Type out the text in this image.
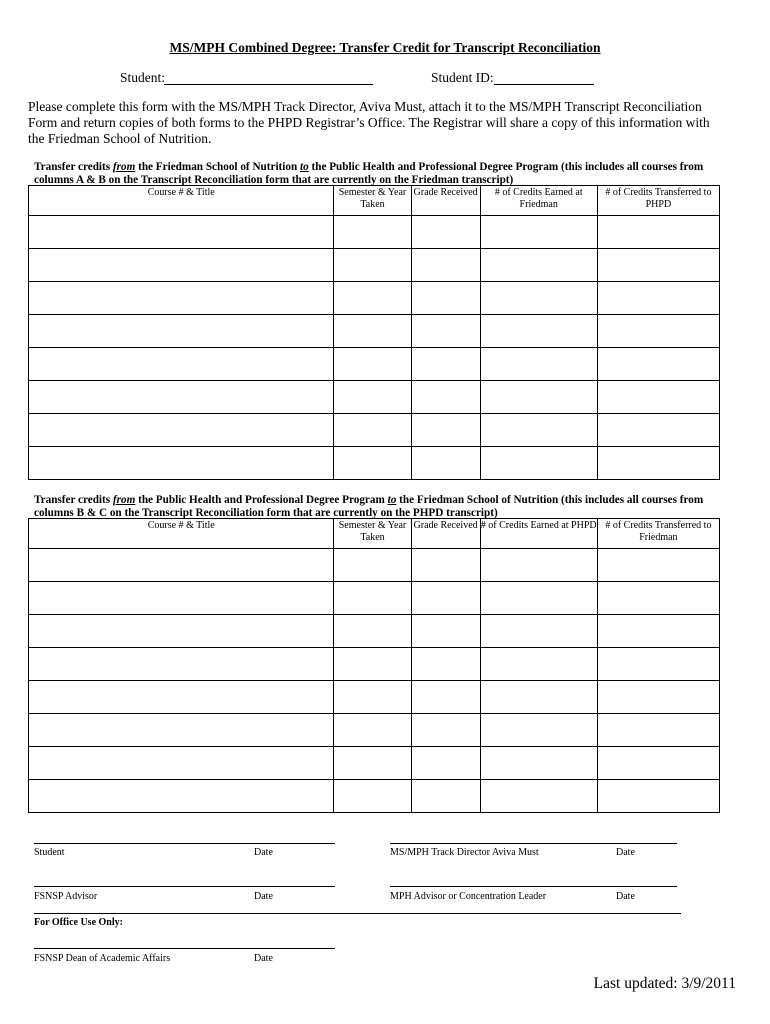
MS/MPH Combined Degree: Transfer Credit for Transcript Reconciliation
Student:	Student ID:
Please complete this form with the MS/MPH Track Director, Aviva Must, attach it to the MS/MPH Transcript Reconciliation Form and return copies of both forms to the PHPD Registrar’s Office. The Registrar will share a copy of this information with the Friedman School of Nutrition.
Transfer credits from the Friedman School of Nutrition to the Public Health and Professional Degree Program (this includes all courses from columns A & B on the Transcript Reconciliation form that are currently on the Friedman transcript)
Course # & Title	Semester & Year Taken	Grade Received	# of Credits Earned at Friedman	# of Credits Transferred to PHPD

Transfer credits from the Public Health and Professional Degree Program to the Friedman School of Nutrition (this includes all courses from columns B & C on the Transcript Reconciliation form that are currently on the PHPD transcript)
Course # & Title	Semester & Year Taken	Grade Received	# of Credits Earned at PHPD	# of Credits Transferred to Friedman

Student	Date	MS/MPH Track Director Aviva Must	Date
FSNSP Advisor	Date	MPH Advisor or Concentration Leader	Date
For Office Use Only:
FSNSP Dean of Academic Affairs	Date
Last updated: 3/9/2011
